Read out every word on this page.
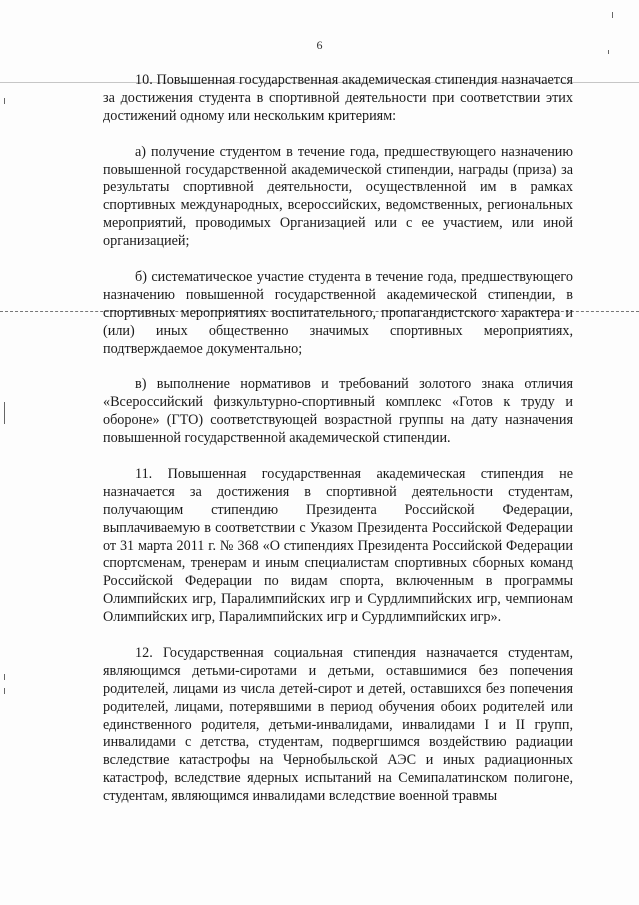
6

10. Повышенная государственная академическая стипендия назначается за достижения студента в спортивной деятельности при соответствии этих достижений одному или нескольким критериям:

а) получение студентом в течение года, предшествующего назначению повышенной государственной академической стипендии, награды (приза) за результаты спортивной деятельности, осуществленной им в рамках спортивных международных, всероссийских, ведомственных, региональных мероприятий, проводимых Организацией или с ее участием, или иной организацией;

б) систематическое участие студента в течение года, предшествующего назначению повышенной государственной академической стипендии, в спортивных мероприятиях воспитательного, пропагандистского характера и (или) иных общественно значимых спортивных мероприятиях, подтверждаемое документально;

в) выполнение нормативов и требований золотого знака отличия «Всероссийский физкультурно-спортивный комплекс «Готов к труду и обороне» (ГТО) соответствующей возрастной группы на дату назначения повышенной государственной академической стипендии.

11. Повышенная государственная академическая стипендия не назначается за достижения в спортивной деятельности студентам, получающим стипендию Президента Российской Федерации, выплачиваемую в соответствии с Указом Президента Российской Федерации от 31 марта 2011 г. № 368 «О стипендиях Президента Российской Федерации спортсменам, тренерам и иным специалистам спортивных сборных команд Российской Федерации по видам спорта, включенным в программы Олимпийских игр, Паралимпийских игр и Сурдлимпийских игр, чемпионам Олимпийских игр, Паралимпийских игр и Сурдлимпийских игр».

12. Государственная социальная стипендия назначается студентам, являющимся детьми-сиротами и детьми, оставшимися без попечения родителей, лицами из числа детей-сирот и детей, оставшихся без попечения родителей, лицами, потерявшими в период обучения обоих родителей или единственного родителя, детьми-инвалидами, инвалидами I и II групп, инвалидами с детства, студентам, подвергшимся воздействию радиации вследствие катастрофы на Чернобыльской АЭС и иных радиационных катастроф, вследствие ядерных испытаний на Семипалатинском полигоне, студентам, являющимся инвалидами вследствие военной травмы
